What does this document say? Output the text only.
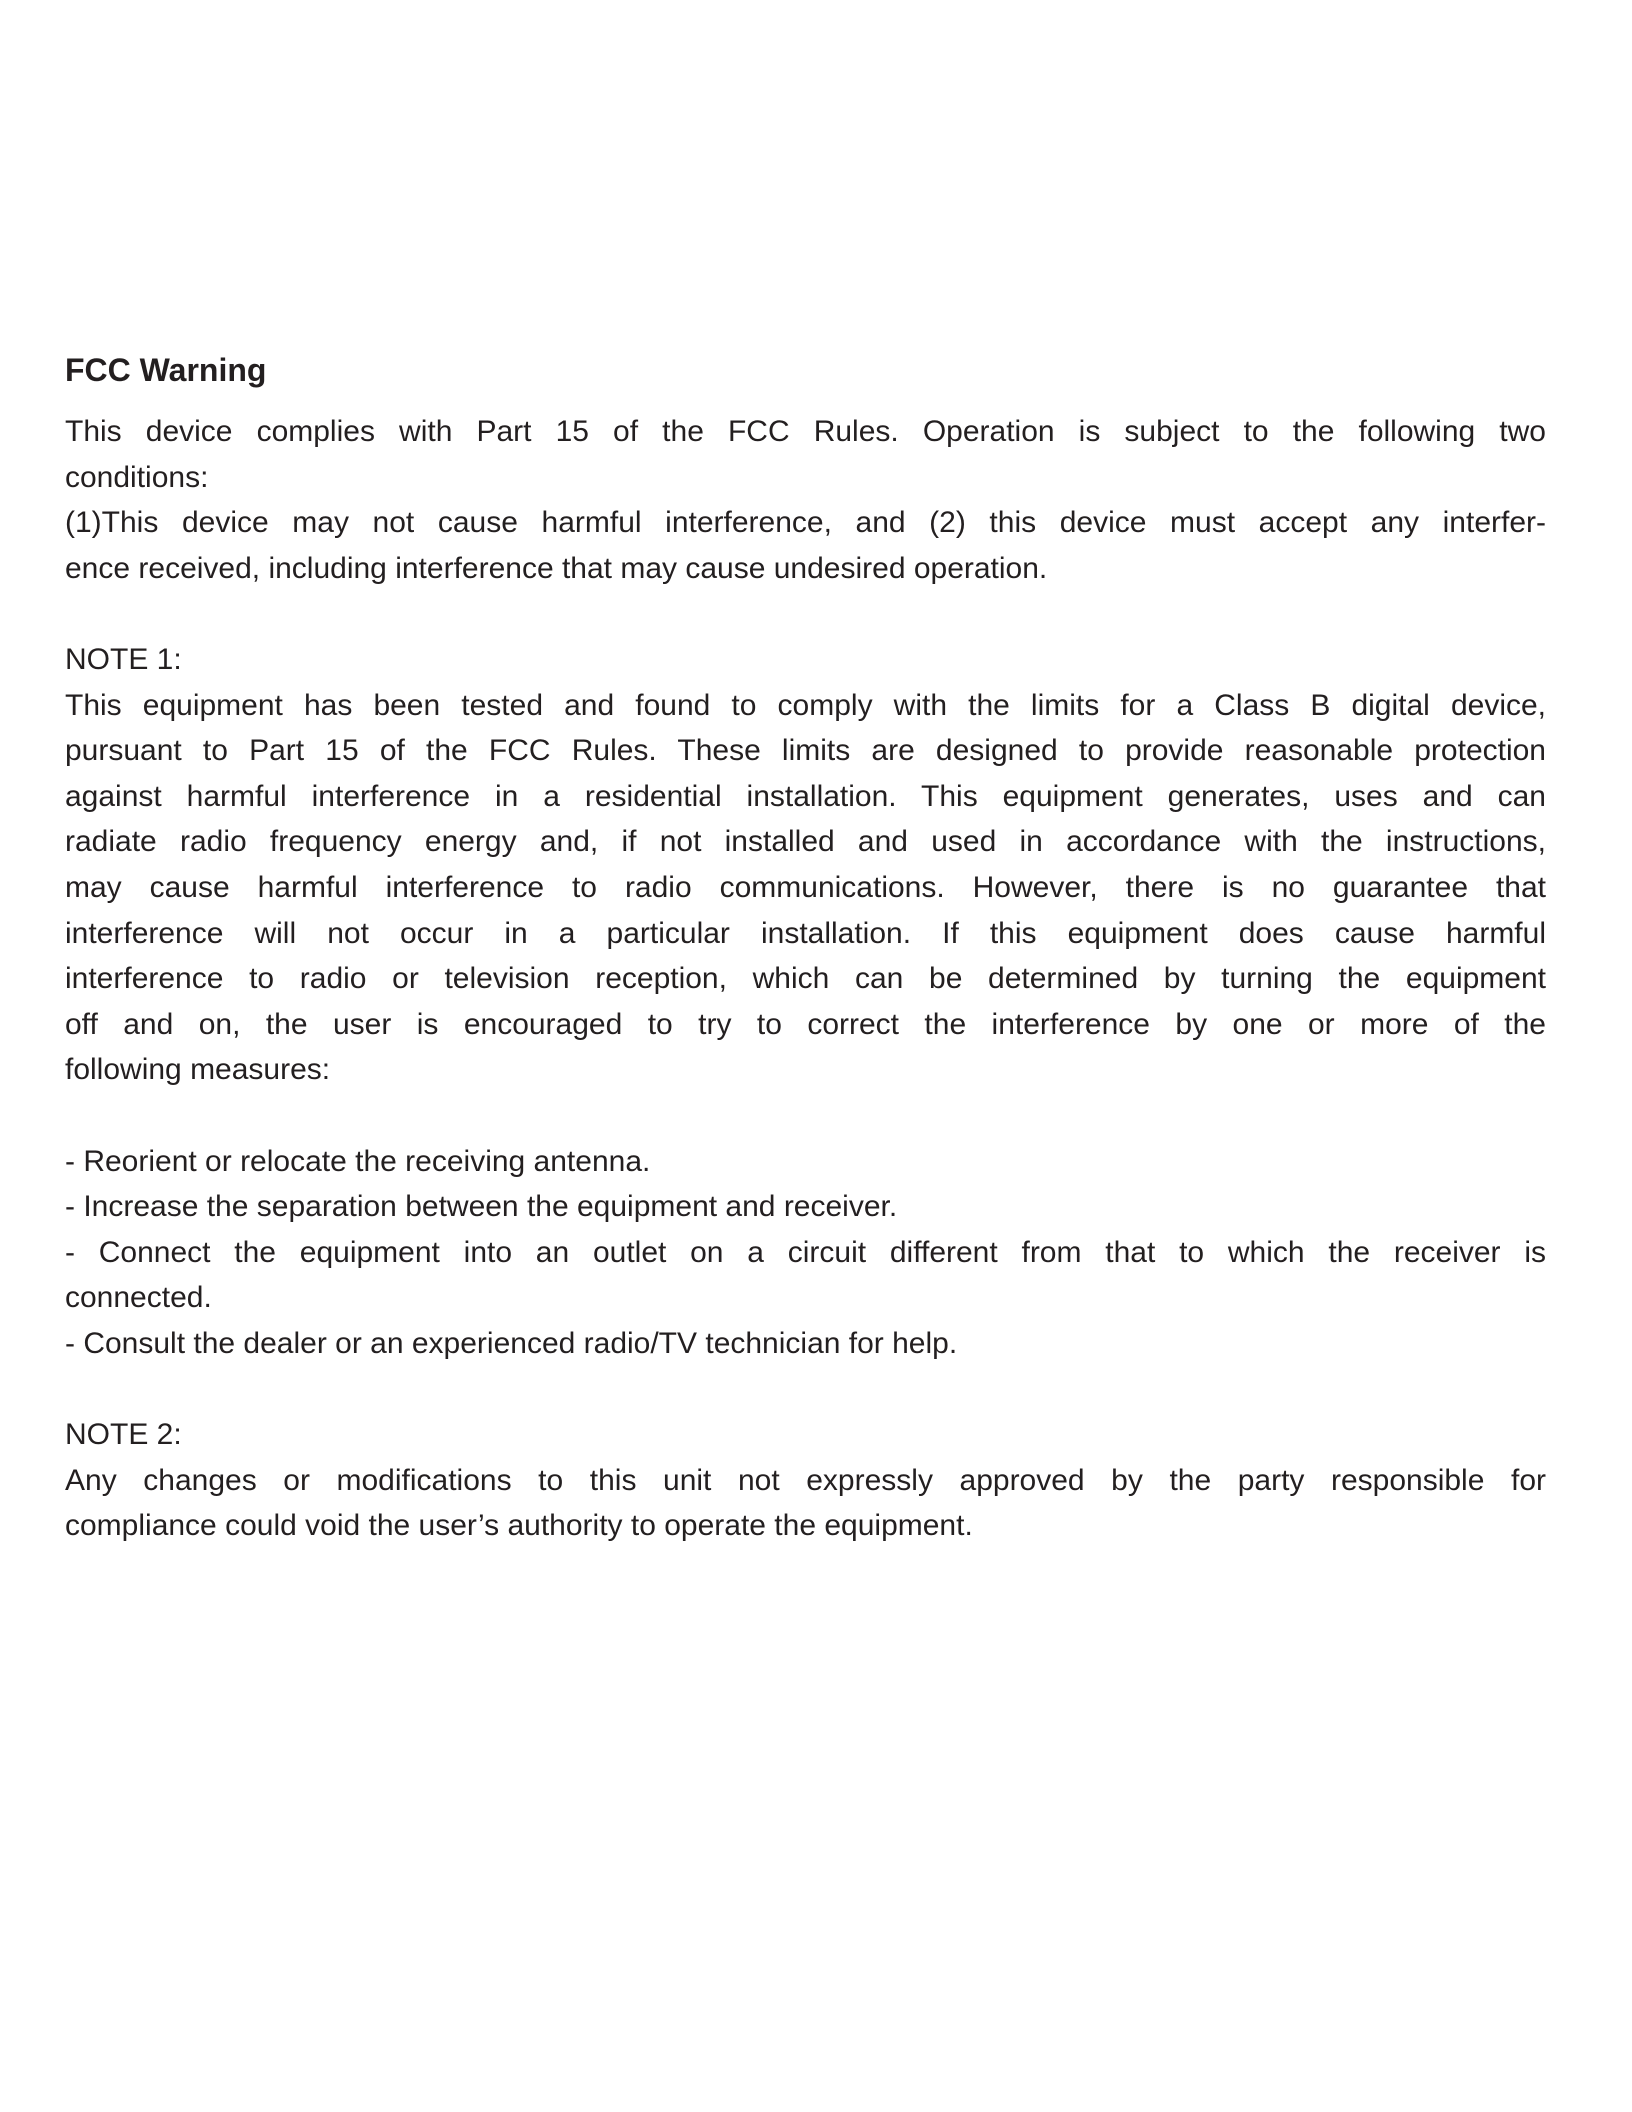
FCC Warning
This device complies with Part 15 of the FCC Rules. Operation is subject to the following two
conditions:
(1)This device may not cause harmful interference, and (2) this device must accept any interfer-
ence received, including interference that may cause undesired operation.
NOTE 1:
This equipment has been tested and found to comply with the limits for a Class B digital device,
pursuant to Part 15 of the FCC Rules. These limits are designed to provide reasonable protection
against harmful interference in a residential installation. This equipment generates, uses and can
radiate radio frequency energy and, if not installed and used in accordance with the instructions,
may cause harmful interference to radio communications. However, there is no guarantee that
interference will not occur in a particular installation. If this equipment does cause harmful
interference to radio or television reception, which can be determined by turning the equipment
off and on, the user is encouraged to try to correct the interference by one or more of the
following measures:
- Reorient or relocate the receiving antenna.
- Increase the separation between the equipment and receiver.
- Connect the equipment into an outlet on a circuit different from that to which the receiver is
connected.
- Consult the dealer or an experienced radio/TV technician for help.
NOTE 2:
Any changes or modifications to this unit not expressly approved by the party responsible for
compliance could void the user’s authority to operate the equipment.
